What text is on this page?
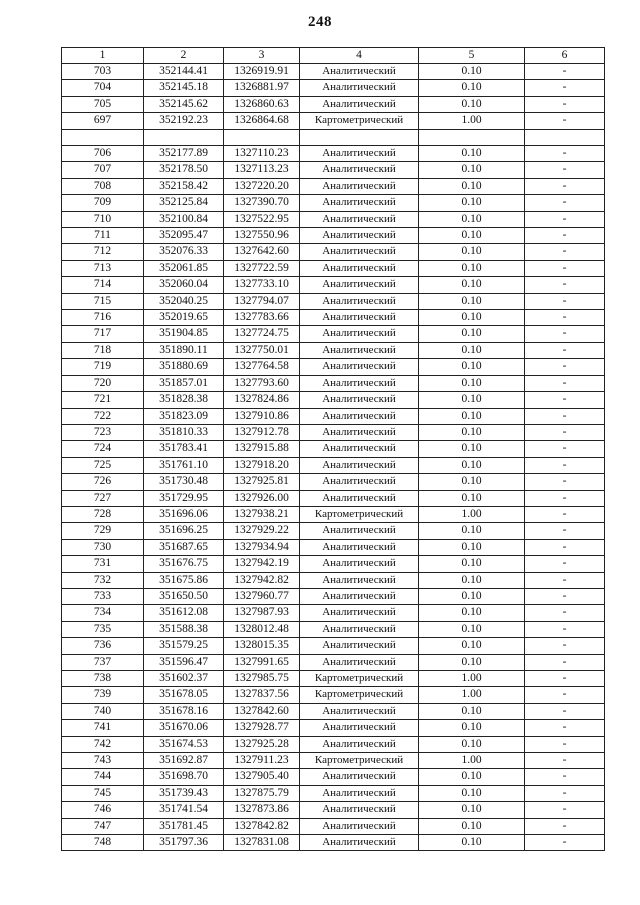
248
1	2	3	4	5	6
703	352144.41	1326919.91	Аналитический	0.10	-
704	352145.18	1326881.97	Аналитический	0.10	-
705	352145.62	1326860.63	Аналитический	0.10	-
697	352192.23	1326864.68	Картометрический	1.00	-

706	352177.89	1327110.23	Аналитический	0.10	-
707	352178.50	1327113.23	Аналитический	0.10	-
708	352158.42	1327220.20	Аналитический	0.10	-
709	352125.84	1327390.70	Аналитический	0.10	-
710	352100.84	1327522.95	Аналитический	0.10	-
711	352095.47	1327550.96	Аналитический	0.10	-
712	352076.33	1327642.60	Аналитический	0.10	-
713	352061.85	1327722.59	Аналитический	0.10	-
714	352060.04	1327733.10	Аналитический	0.10	-
715	352040.25	1327794.07	Аналитический	0.10	-
716	352019.65	1327783.66	Аналитический	0.10	-
717	351904.85	1327724.75	Аналитический	0.10	-
718	351890.11	1327750.01	Аналитический	0.10	-
719	351880.69	1327764.58	Аналитический	0.10	-
720	351857.01	1327793.60	Аналитический	0.10	-
721	351828.38	1327824.86	Аналитический	0.10	-
722	351823.09	1327910.86	Аналитический	0.10	-
723	351810.33	1327912.78	Аналитический	0.10	-
724	351783.41	1327915.88	Аналитический	0.10	-
725	351761.10	1327918.20	Аналитический	0.10	-
726	351730.48	1327925.81	Аналитический	0.10	-
727	351729.95	1327926.00	Аналитический	0.10	-
728	351696.06	1327938.21	Картометрический	1.00	-
729	351696.25	1327929.22	Аналитический	0.10	-
730	351687.65	1327934.94	Аналитический	0.10	-
731	351676.75	1327942.19	Аналитический	0.10	-
732	351675.86	1327942.82	Аналитический	0.10	-
733	351650.50	1327960.77	Аналитический	0.10	-
734	351612.08	1327987.93	Аналитический	0.10	-
735	351588.38	1328012.48	Аналитический	0.10	-
736	351579.25	1328015.35	Аналитический	0.10	-
737	351596.47	1327991.65	Аналитический	0.10	-
738	351602.37	1327985.75	Картометрический	1.00	-
739	351678.05	1327837.56	Картометрический	1.00	-
740	351678.16	1327842.60	Аналитический	0.10	-
741	351670.06	1327928.77	Аналитический	0.10	-
742	351674.53	1327925.28	Аналитический	0.10	-
743	351692.87	1327911.23	Картометрический	1.00	-
744	351698.70	1327905.40	Аналитический	0.10	-
745	351739.43	1327875.79	Аналитический	0.10	-
746	351741.54	1327873.86	Аналитический	0.10	-
747	351781.45	1327842.82	Аналитический	0.10	-
748	351797.36	1327831.08	Аналитический	0.10	-
